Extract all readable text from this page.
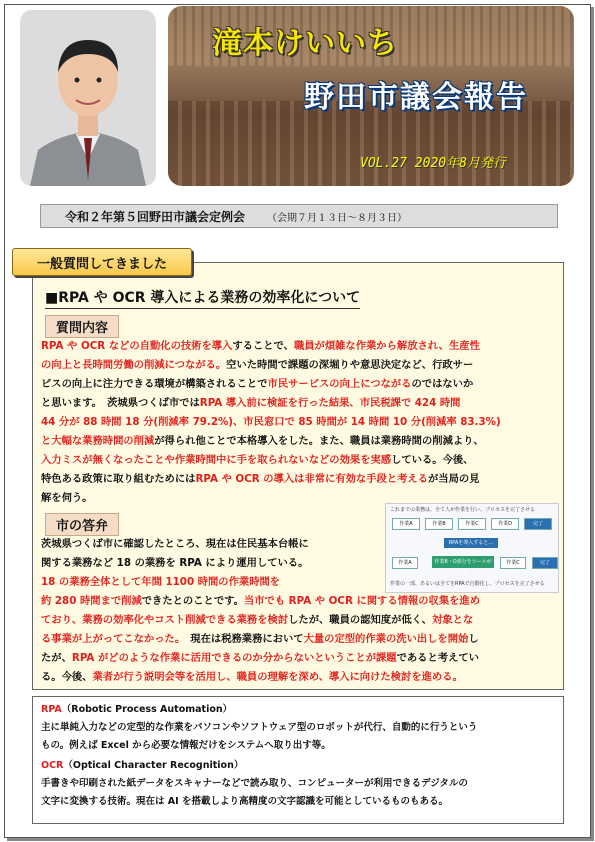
滝本けいいち
野田市議会報告
VOL.27 2020年8月発行
令和２年第５回野田市議会定例会 （会期７月１３日～８月３日）
■RPA や OCR 導入による業務の効率化について
質問内容
RPA や OCR などの自動化の技術を導入することで、職員が煩雑な作業から解放され、生産性
の向上と長時間労働の削減につながる。空いた時間で課題の深堀りや意思決定など、行政サー
ビスの向上に注力できる環境が構築されることで市民サービスの向上につながるのではないか
と思います。　茨城県つくば市ではRPA 導入前に検証を行った結果、市民税課で 424 時間
44 分が 88 時間 18 分(削減率 79.2%)、市民窓口で 85 時間が 14 時間 10 分(削減率 83.3%)
と大幅な業務時間の削減が得られ他ことで本格導入をした。また、職員は業務時間の削減より、
入力ミスが無くなったことや作業時間中に手を取られないなどの効果を実感している。今後、
特色ある政策に取り組むためにはRPA や OCR の導入は非常に有効な手段と考えるが当局の見
解を伺う。
市の答弁
茨城県つくば市に確認したところ、現在は住民基本台帳に
関する業務など 18 の業務を RPA により運用している。
18 の業務全体として年間 1100 時間の作業時間を
約 280 時間まで削減できたとのことです。当市でも RPA や OCR に関する情報の収集を進め
ており、業務の効率化やコスト削減できる業務を検討したが、職員の認知度が低く、対象とな
る事業が上がってこなかった。　現在は税務業務において大量の定型的作業の洗い出しを開始し
たが、RPA がどのような作業に活用できるのか分からないということが課題であると考えてい
る。今後、業者が行う説明会等を活用し、職員の理解を深め、導入に向けた検討を進める。
これまでの業務は、全て人が作業を行い、プロセスを完了させる
作業A	作業B	作業C	作業D	完了
RPAを導入すると…
作業B・D部分をツールが代替
作業A	作業C	完了
作業の一部、あるいは全てをRPAで自動化し、プロセスを完了させる
一般質問してきました
RPA（Robotic Process Automation）
主に単純入力などの定型的な作業をパソコンやソフトウェア型のロボットが代行、自動的に行うという
もの。例えば Excel から必要な情報だけをシステムへ取り出す等。
OCR（Optical Character Recognition）
手書きや印刷された紙データをスキャナーなどで読み取り、コンピューターが利用できるデジタルの
文字に変換する技術。現在は AI を搭載しより高精度の文字認識を可能としているものもある。
